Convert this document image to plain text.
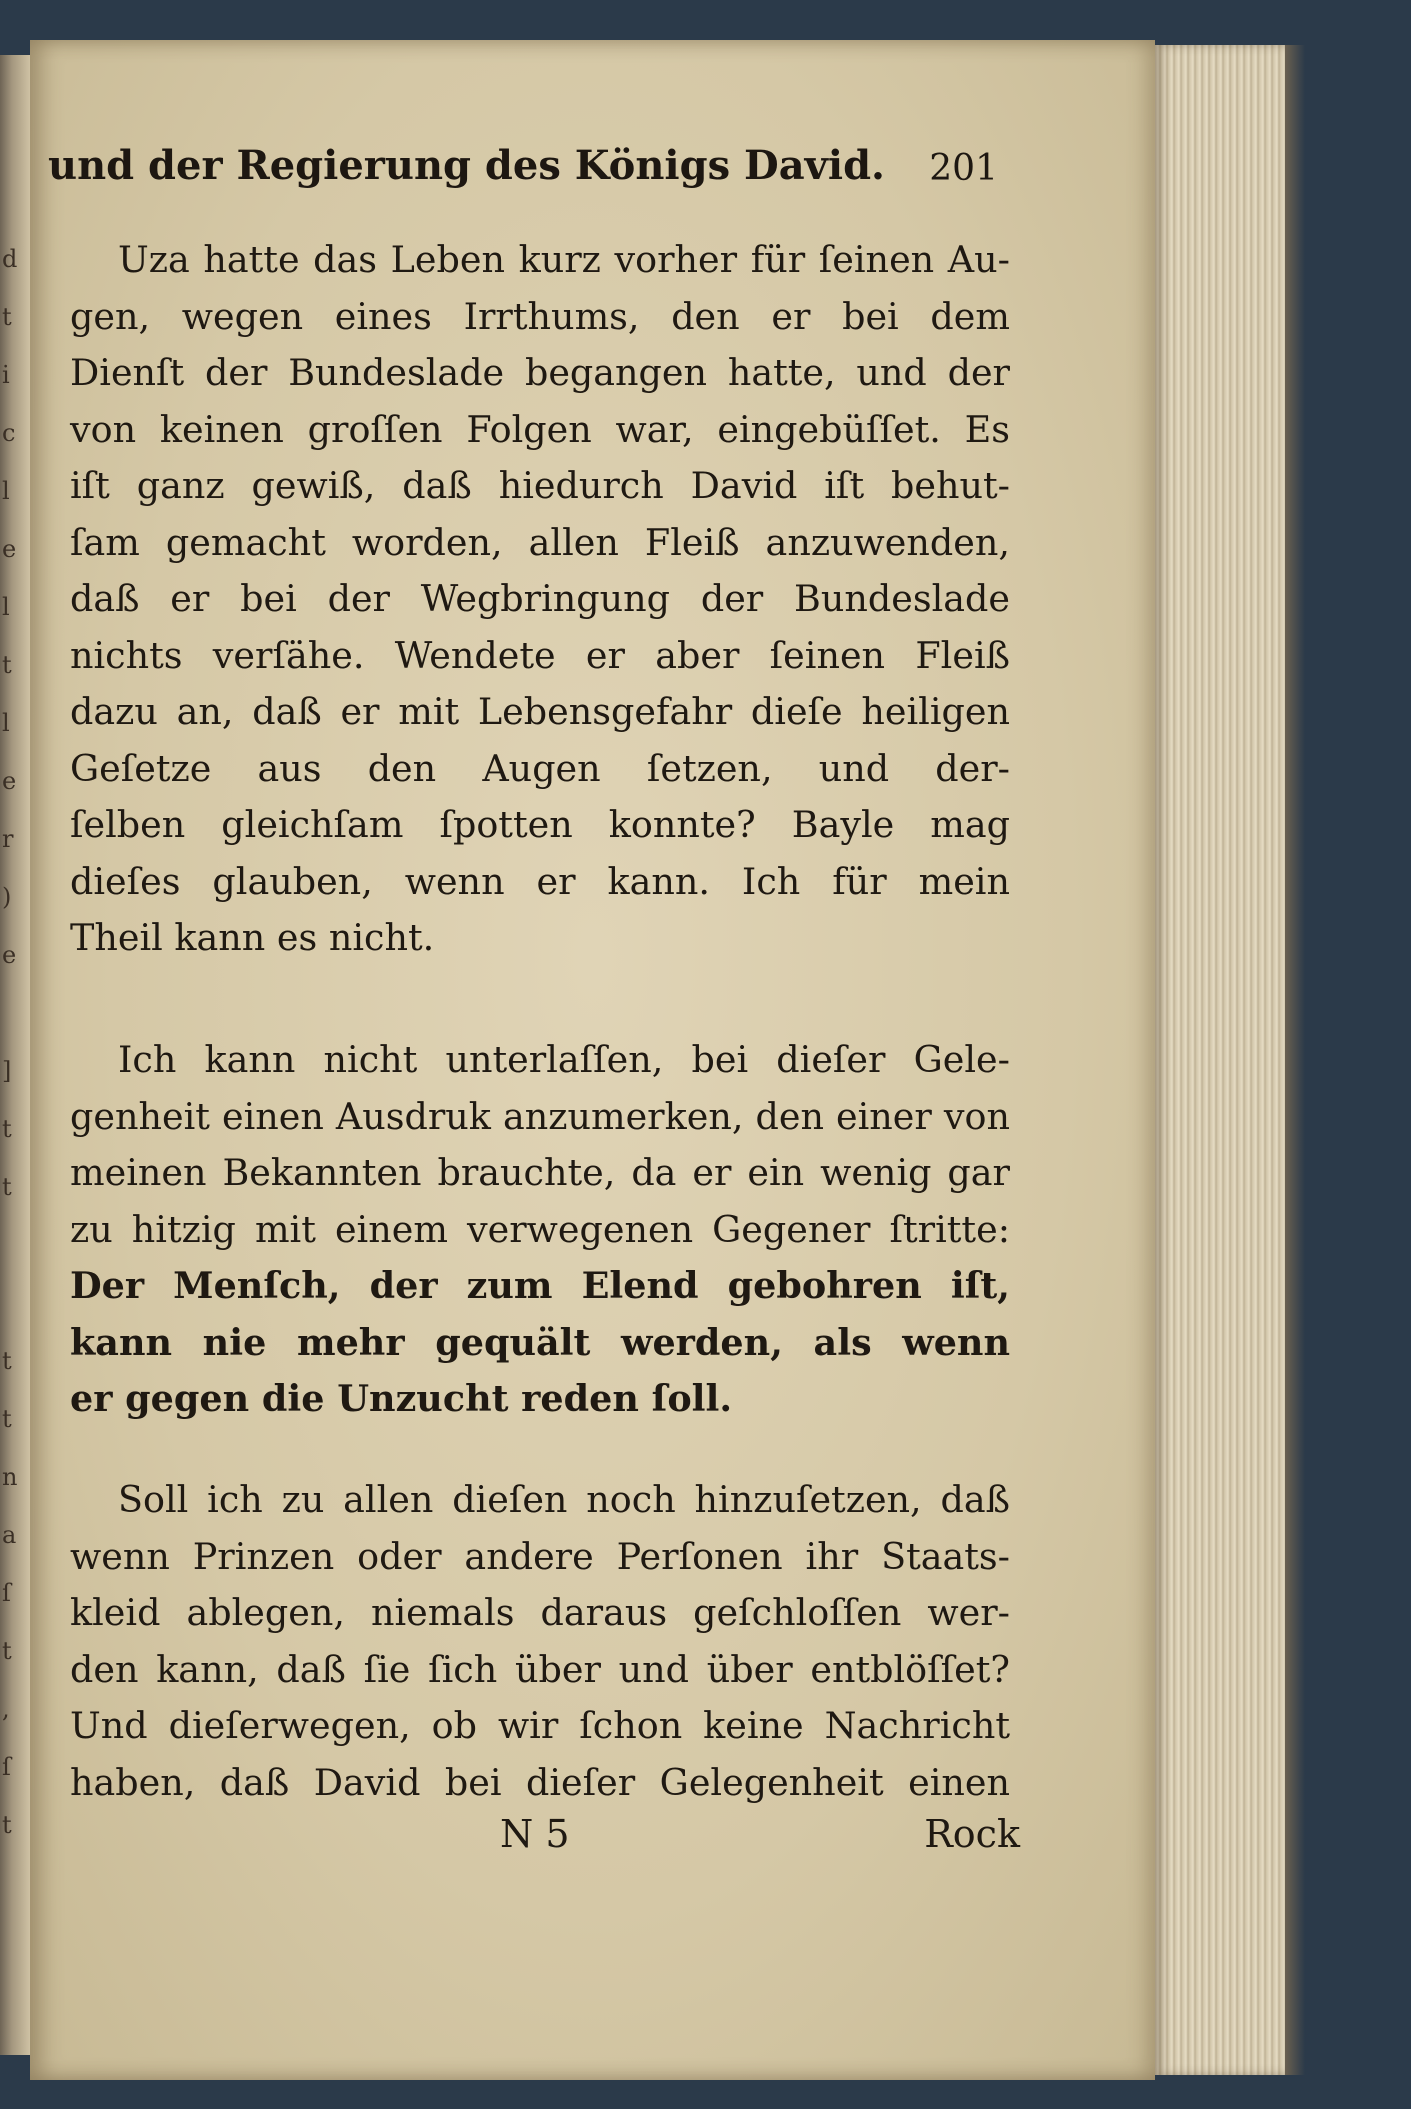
d
t
i
c
l
e
l
t
l
e
r
)
e
]
t
t
t
t
n
a
ſ
t
,
ſ
t
und der Regierung des Königs David. 201
Uza hatte das Leben kurz vorher für ſeinen Au-
gen, wegen eines Irrthums, den er bei dem
Dienſt der Bundeslade begangen hatte, und der
von keinen groſſen Folgen war, eingebüſſet. Es
iſt ganz gewiß, daß hiedurch David iſt behut-
ſam gemacht worden, allen Fleiß anzuwenden,
daß er bei der Wegbringung der Bundeslade
nichts verſähe. Wendete er aber ſeinen Fleiß
dazu an, daß er mit Lebensgefahr dieſe heiligen
Geſetze aus den Augen ſetzen, und der-
ſelben gleichſam ſpotten konnte? Bayle mag
dieſes glauben, wenn er kann. Ich für mein
Theil kann es nicht.
Ich kann nicht unterlaſſen, bei dieſer Gele-
genheit einen Ausdruk anzumerken, den einer von
meinen Bekannten brauchte, da er ein wenig gar
zu hitzig mit einem verwegenen Gegener ſtritte:
Der Menſch, der zum Elend gebohren iſt,
kann nie mehr gequält werden, als wenn
er gegen die Unzucht reden ſoll.
Soll ich zu allen dieſen noch hinzuſetzen, daß
wenn Prinzen oder andere Perſonen ihr Staats-
kleid ablegen, niemals daraus geſchloſſen wer-
den kann, daß ſie ſich über und über entblöſſet?
Und dieſerwegen, ob wir ſchon keine Nachricht
haben, daß David bei dieſer Gelegenheit einen
N 5	Rock
